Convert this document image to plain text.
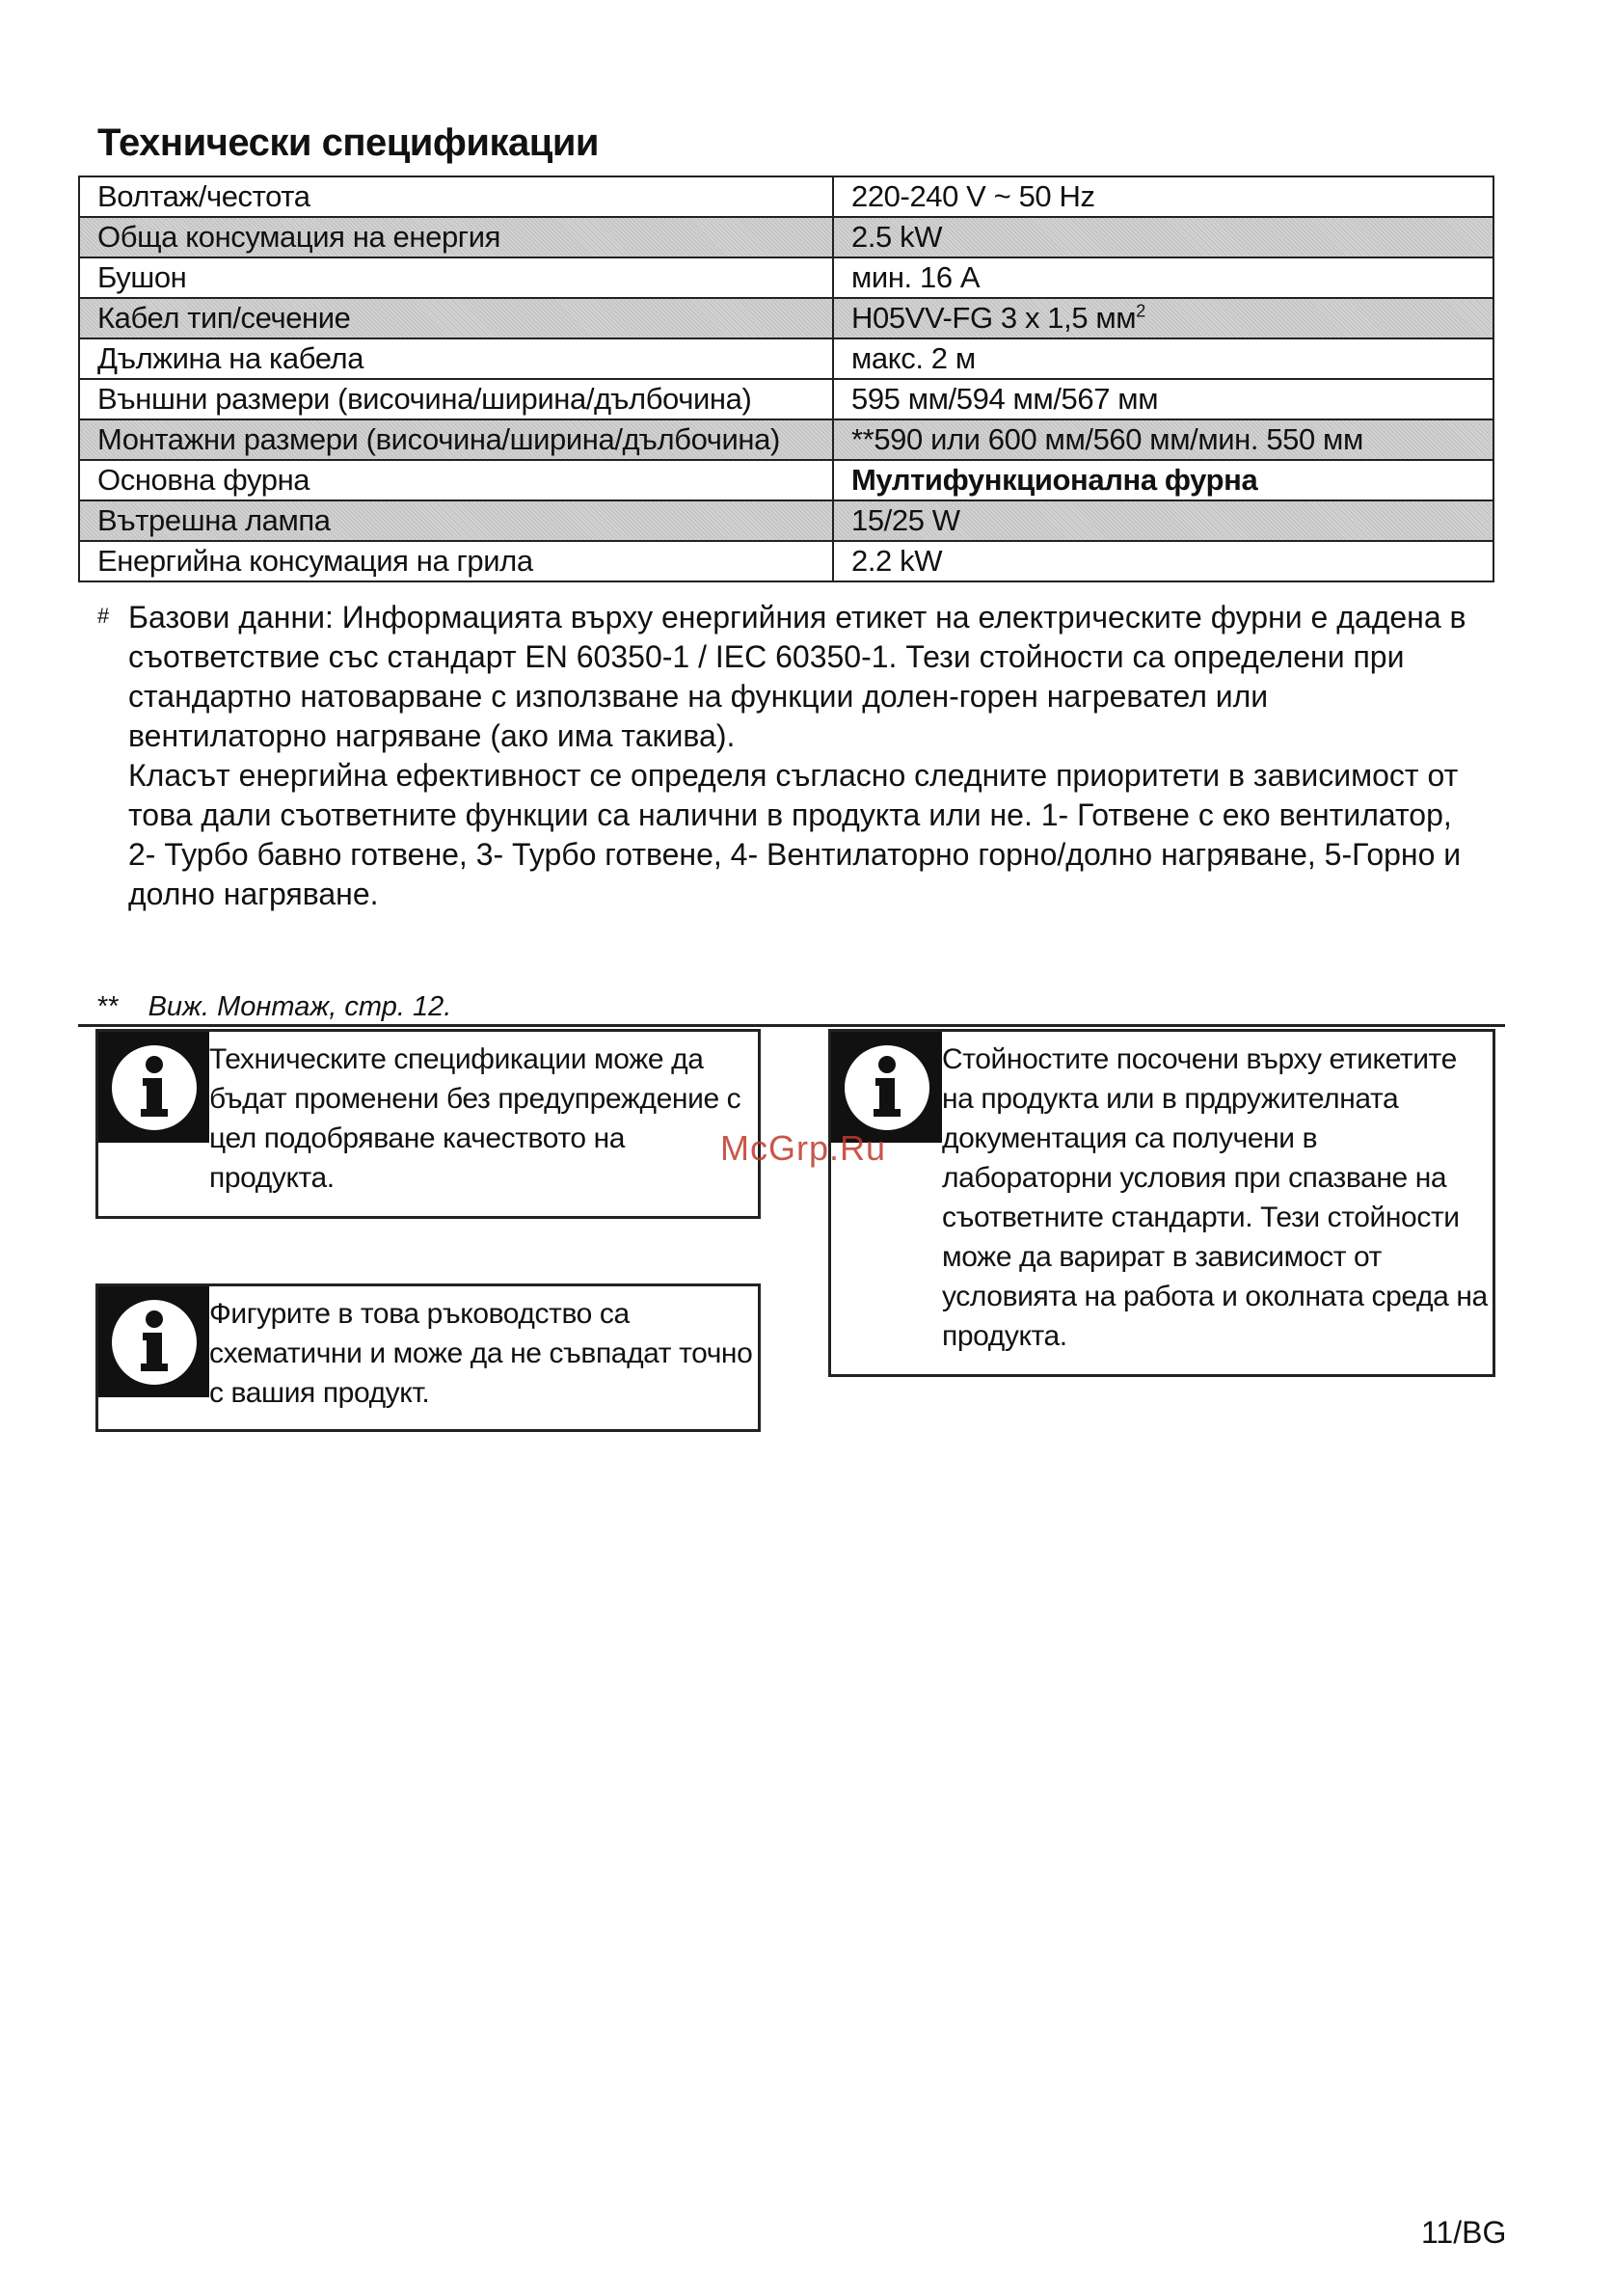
Технически спецификации
Волтаж/честота	220-240 V ~ 50 Hz
Обща консумация на енергия	2.5 kW
Бушон	мин. 16 A
Кабел тип/сечение	H05VV-FG 3 x 1,5 $мм^2$
Дължина на кабела	макс. 2 м
Външни размери (височина/ширина/дълбочина)	595 мм/594 мм/567 мм
Монтажни размери (височина/ширина/дълбочина)	**590 или 600 мм/560 мм/мин. 550 мм
Основна фурна	Мултифункционална фурна
Вътрешна лампа	15/25 W
Енергийна консумация на грила	2.2 kW
# Базови данни: Информацията върху енергийния етикет на електрическите фурни е дадена в съответствие със стандарт EN 60350-1 / IEC 60350-1. Тези стойности са определени при стандартно натоварване с използване на функции долен-горен нагревател или вентилаторно нагряване (ако има такива).

Класът енергийна ефективност се определя съгласно следните приоритети в зависимост от това дали съответните функции са налични в продукта или не. 1- Готвене с еко вентилатор, 2- Турбо бавно готвене, 3- Турбо готвене, 4- Вентилаторно горно/долно нагряване, 5-Горно и долно нагряване.

** Виж. Монтаж, стр. 12.
Техническите спецификации може да бъдат променени без предупреждение с цел подобряване качеството на продукта.
Фигурите в това ръководство са схематични и може да не съвпадат точно с вашия продукт.
Стойностите посочени върху етикетите на продукта или в прдружителната документация са получени в лабораторни условия при спазване на съответните стандарти. Тези стойности може да варират в зависимост от условията на работа и околната среда на продукта.
McGrp.Ru
11/BG
